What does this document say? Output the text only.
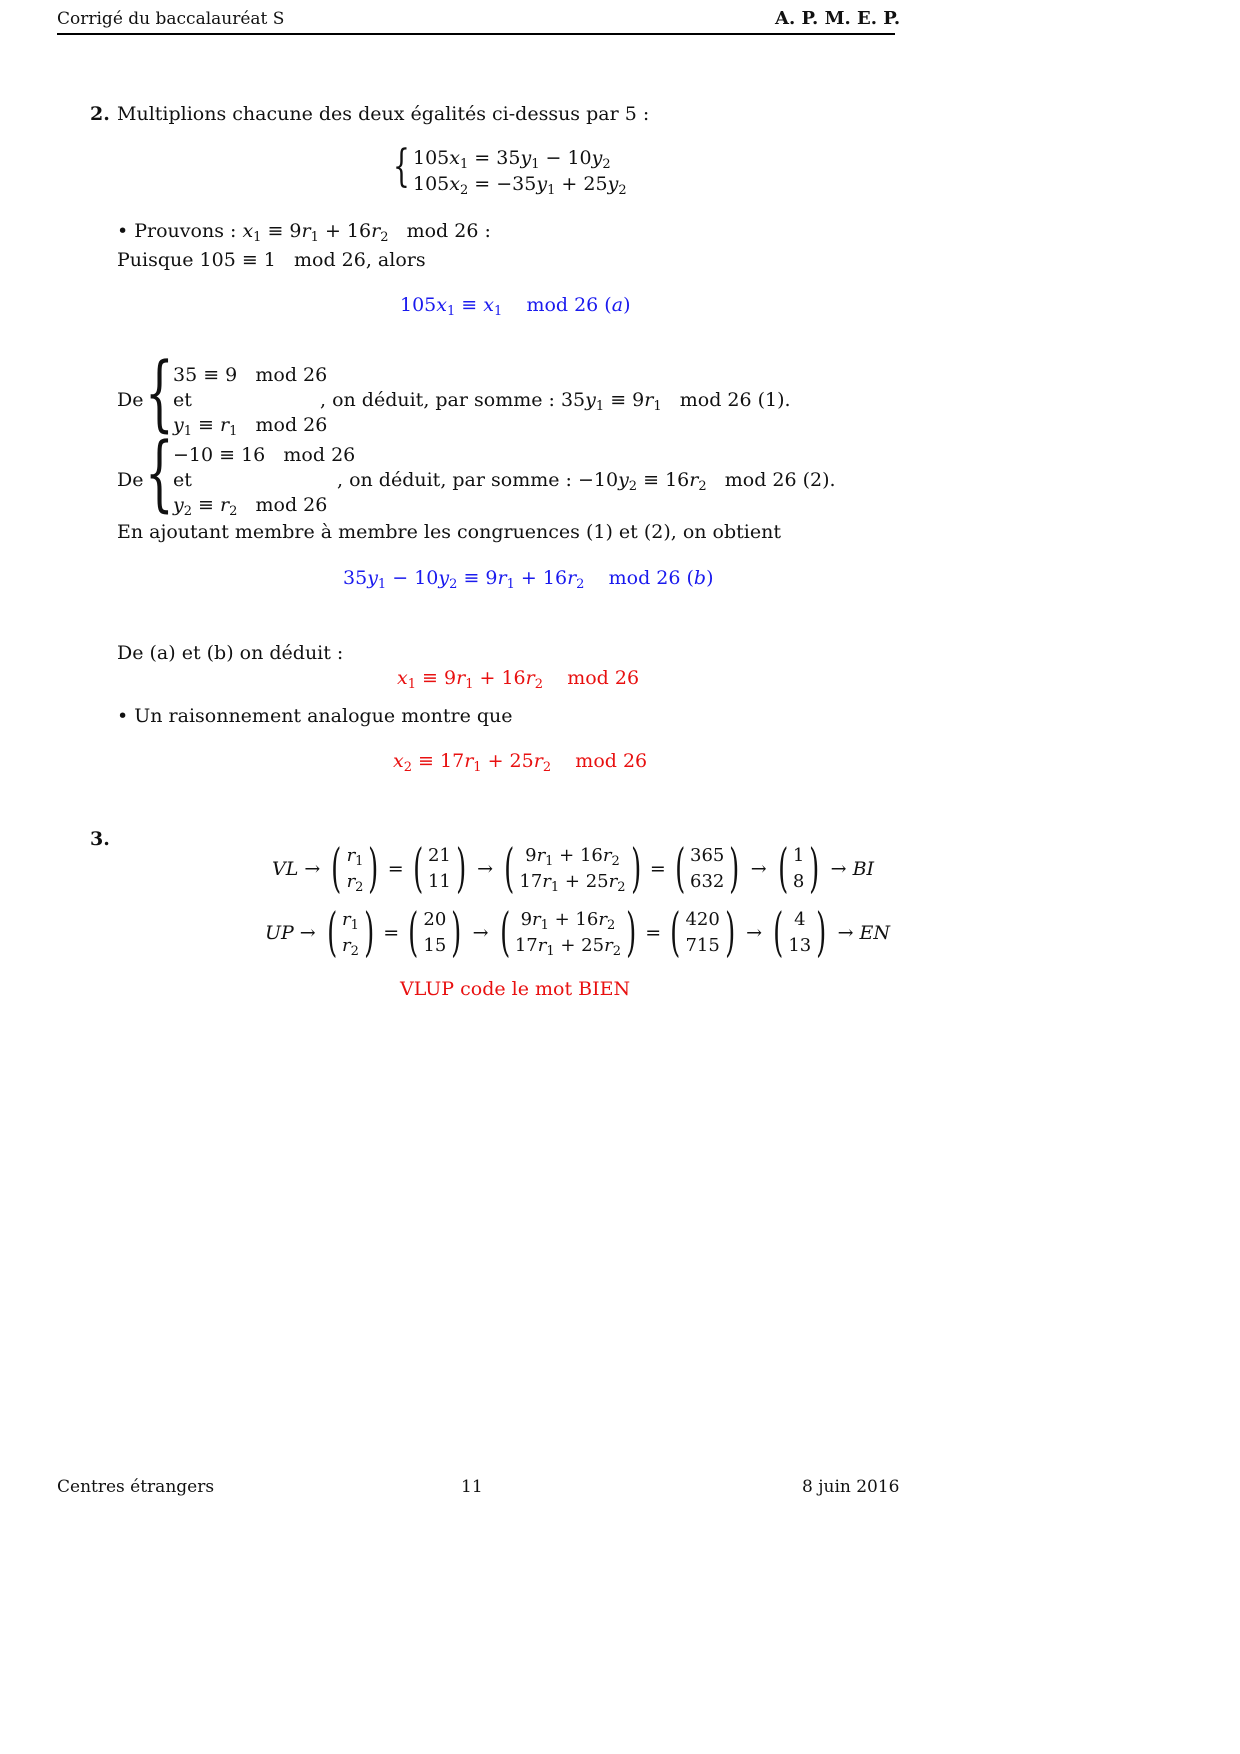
Corrigé du baccalauréat S	A. P. M. E. P.
2. Multiplions chacune des deux égalités ci-dessus par 5 :
{ $105x_1 = 35y_1 - 10y_2$
$105x_2 = -35y_1 + 25y_2$
• Prouvons : $x_1 \equiv 9r_1 + 16r_2$ mod 26 :
Puisque 105 ≡ 1 mod 26, alors
$105x_1 \equiv x_1$ mod 26 (a)
De { 35 ≡ 9   mod 26
et
$y_1 \equiv r_1$ mod 26
, on déduit, par somme : $35y_1 \equiv 9r_1$ mod 26 (1).
De { −10 ≡ 16   mod 26
et
$y_2 \equiv r_2$ mod 26
, on déduit, par somme : $-10y_2 \equiv 16r_2$ mod 26 (2).
En ajoutant membre à membre les congruences (1) et (2), on obtient
$35y_1 - 10y_2 \equiv 9r_1 + 16r_2$ mod 26 (b)
De (a) et (b) on déduit :
$x_1 \equiv 9r_1 + 16r_2$ mod 26
• Un raisonnement analogue montre que
$x_2 \equiv 17r_1 + 25r_2$ mod 26
3.
VL → ( $r_1$
$r_2$ ) = ( 21
11 ) → ( $9r_1 + 16r_2$
$17r_1 + 25r_2$ ) = ( 365
632 ) → ( 1
8 ) → BI
UP → ( $r_1$
$r_2$ ) = ( 20
15 ) → ( $9r_1 + 16r_2$
$17r_1 + 25r_2$ ) = ( 420
715 ) → ( 4
13 ) → EN
VLUP code le mot BIEN
Centres étrangers	11	8 juin 2016
